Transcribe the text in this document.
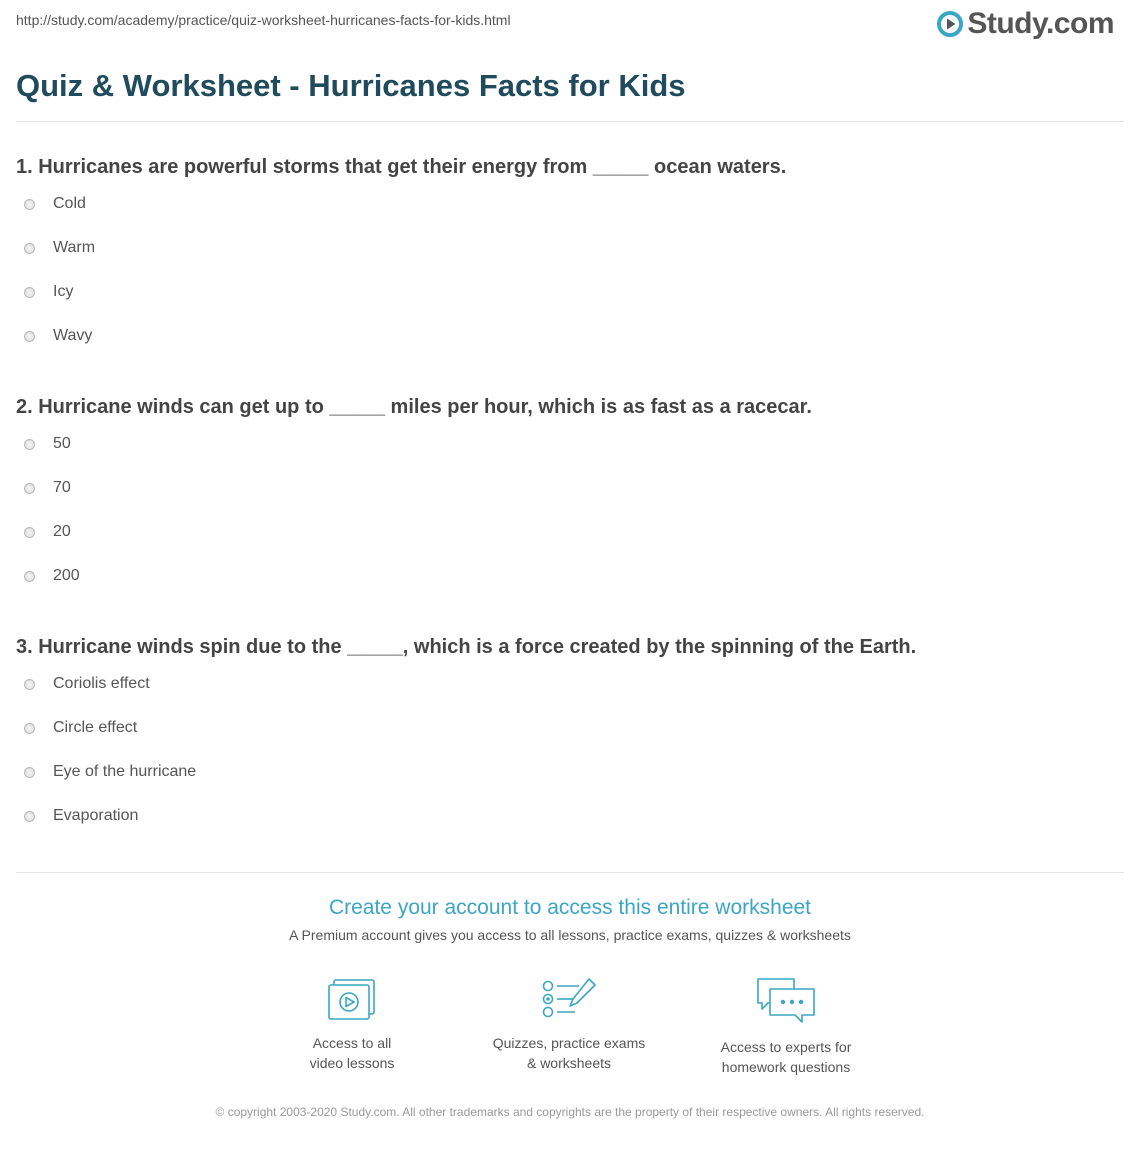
http://study.com/academy/practice/quiz-worksheet-hurricanes-facts-for-kids.html	Study.com
Quiz & Worksheet - Hurricanes Facts for Kids
1. Hurricanes are powerful storms that get their energy from _____ ocean waters.
Cold
Warm
Icy
Wavy
2. Hurricane winds can get up to _____ miles per hour, which is as fast as a racecar.
50
70
20
200
3. Hurricane winds spin due to the _____, which is a force created by the spinning of the Earth.
Coriolis effect
Circle effect
Eye of the hurricane
Evaporation
Create your account to access this entire worksheet
A Premium account gives you access to all lessons, practice exams, quizzes & worksheets
Access to all
video lessons
Quizzes, practice exams
& worksheets
Access to experts for
homework questions
© copyright 2003-2020 Study.com. All other trademarks and copyrights are the property of their respective owners. All rights reserved.
